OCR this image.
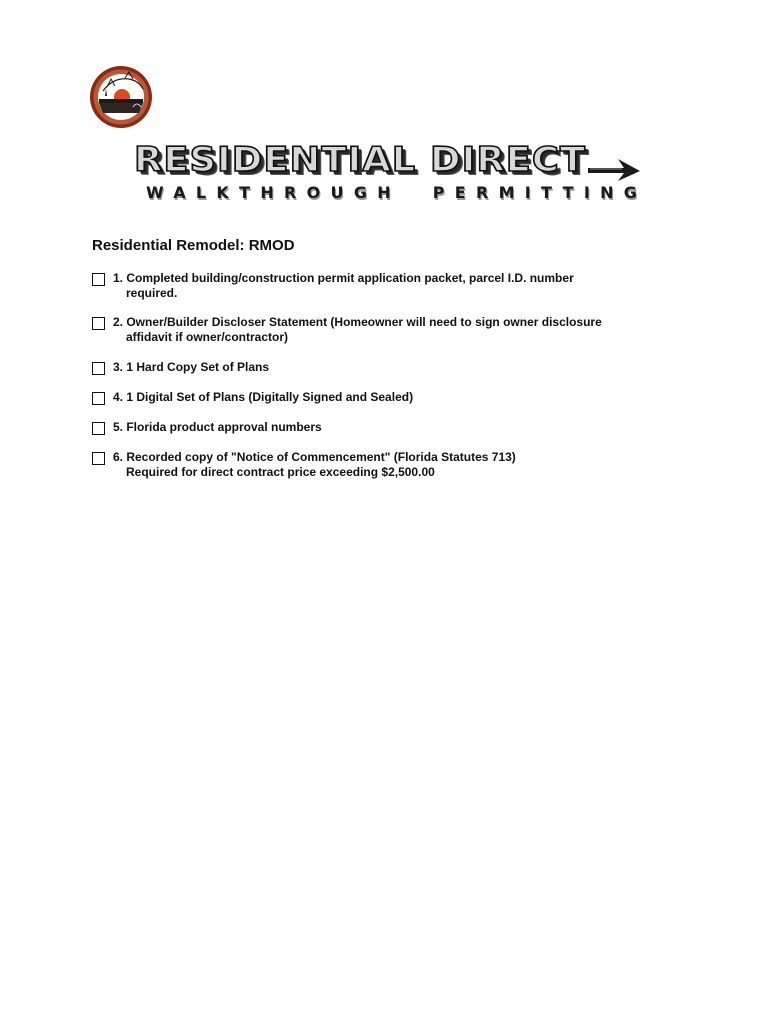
RESIDENTIAL DIRECT
WALKTHROUGH  PERMITTING
Residential Remodel: RMOD
1. Completed building/construction permit application packet, parcel I.D. number
required.
2. Owner/Builder Discloser Statement (Homeowner will need to sign owner disclosure
affidavit if owner/contractor)
3. 1 Hard Copy Set of Plans
4. 1 Digital Set of Plans (Digitally Signed and Sealed)
5. Florida product approval numbers
6. Recorded copy of "Notice of Commencement" (Florida Statutes 713)
Required for direct contract price exceeding $2,500.00
